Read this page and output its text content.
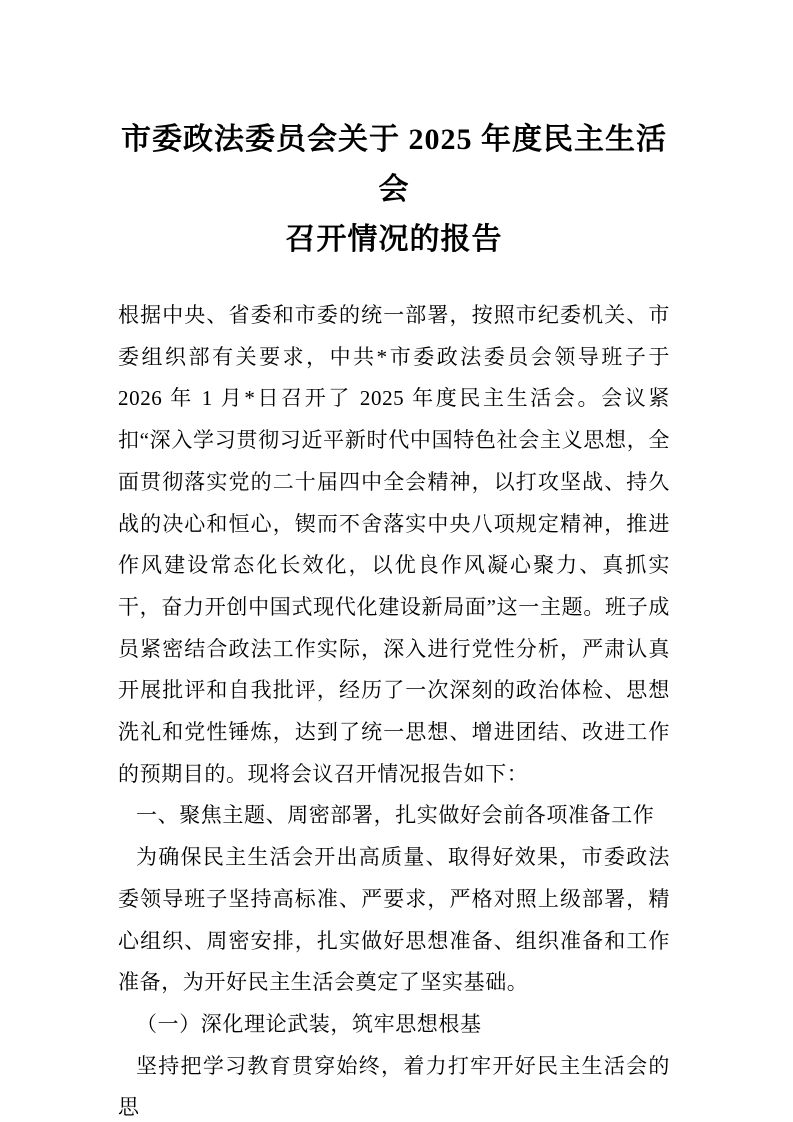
市委政法委员会关于 2025 年度民主生活会
召开情况的报告

根据中央、省委和市委的统一部署，按照市纪委机关、市委组织部有关要求，中共*市委政法委员会领导班子于 2026 年 1 月*日召开了 2025 年度民主生活会。会议紧扣“深入学习贯彻习近平新时代中国特色社会主义思想，全面贯彻落实党的二十届四中全会精神，以打攻坚战、持久战的决心和恒心，锲而不舍落实中央八项规定精神，推进作风建设常态化长效化，以优良作风凝心聚力、真抓实干，奋力开创中国式现代化建设新局面”这一主题。班子成员紧密结合政法工作实际，深入进行党性分析，严肃认真开展批评和自我批评，经历了一次深刻的政治体检、思想洗礼和党性锤炼，达到了统一思想、增进团结、改进工作的预期目的。现将会议召开情况报告如下：

一、聚焦主题、周密部署，扎实做好会前各项准备工作

为确保民主生活会开出高质量、取得好效果，市委政法委领导班子坚持高标准、严要求，严格对照上级部署，精心组织、周密安排，扎实做好思想准备、组织准备和工作准备，为开好民主生活会奠定了坚实基础。

（一）深化理论武装，筑牢思想根基

坚持把学习教育贯穿始终，着力打牢开好民主生活会的思
